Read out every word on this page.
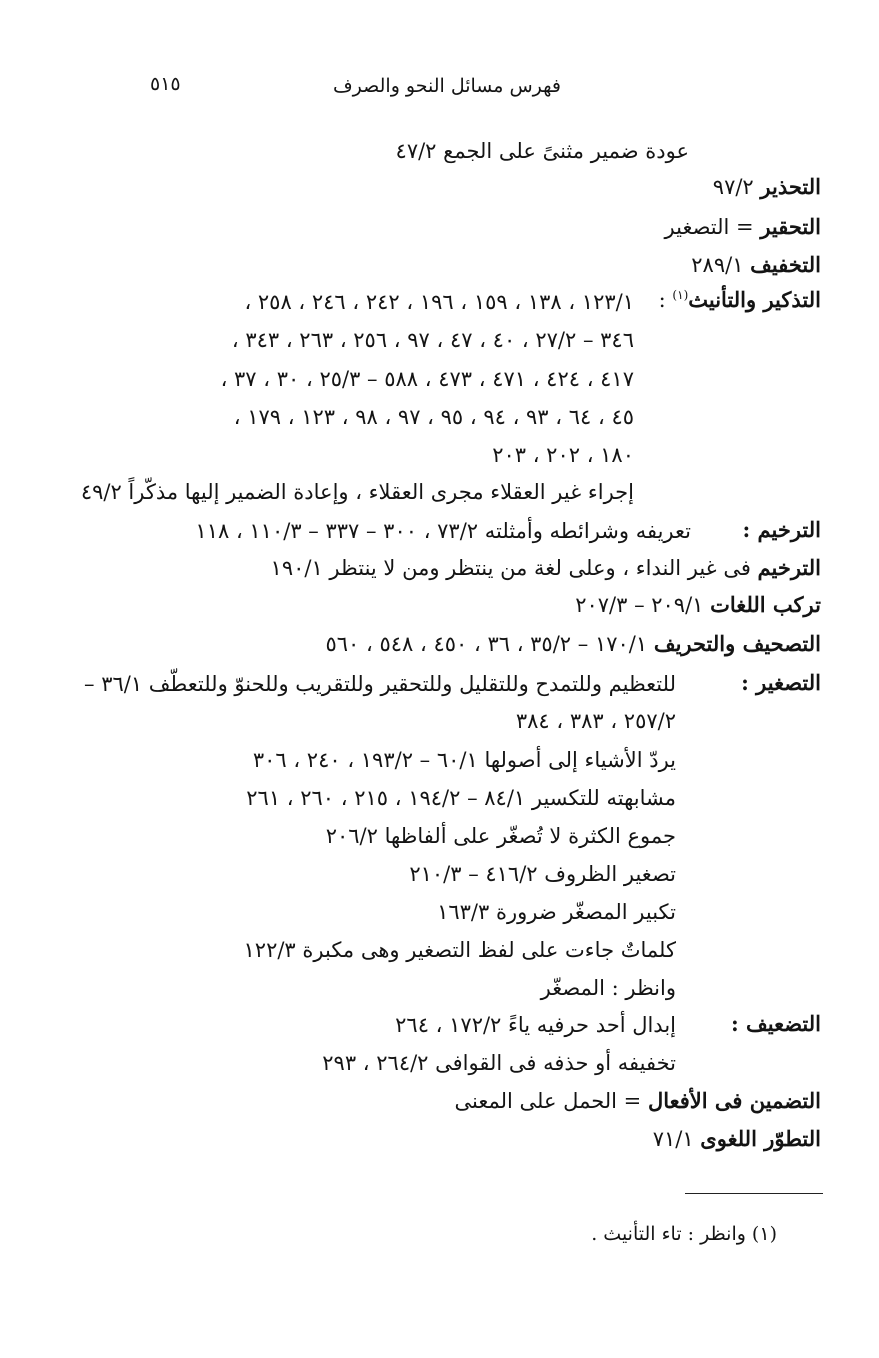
٥١٥	فهرس مسائل النحو والصرف
عودة ضمير مثنىً على الجمع ٤٧/٢
التحذير ٩٧/٢
التحقير = التصغير
التخفيف ٢٨٩/١
التذكير والتأنيث$^{(١)}$ :
١٢٣/١ ، ١٣٨ ، ١٥٩ ، ١٩٦ ، ٢٤٢ ، ٢٤٦ ، ٢٥٨ ،
٣٤٦ – ٢٧/٢ ، ٤٠ ، ٤٧ ، ٩٧ ، ٢٥٦ ، ٢٦٣ ، ٣٤٣ ،
٤١٧ ، ٤٢٤ ، ٤٧١ ، ٤٧٣ ، ٥٨٨ – ٢٥/٣ ، ٣٠ ، ٣٧ ،
٤٥ ، ٦٤ ، ٩٣ ، ٩٤ ، ٩٥ ، ٩٧ ، ٩٨ ، ١٢٣ ، ١٧٩ ،
١٨٠ ، ٢٠٢ ، ٢٠٣
إجراء غير العقلاء مجرى العقلاء ، وإعادة الضمير إليها مذكّراً ٤٩/٢
الترخيم :
تعريفه وشرائطه وأمثلته ٧٣/٢ ، ٣٠٠ – ٣٣٧ – ١١٠/٣ ، ١١٨
الترخيم فى غير النداء ، وعلى لغة من ينتظر ومن لا ينتظر ١٩٠/١
تركب اللغات ٢٠٩/١ – ٢٠٧/٣
التصحيف والتحريف ١٧٠/١ – ٣٥/٢ ، ٣٦ ، ٤٥٠ ، ٥٤٨ ، ٥٦٠
التصغير :
للتعظيم وللتمدح وللتقليل وللتحقير وللتقريب وللحنوّ وللتعطّف ٣٦/١ –
٢٥٧/٢ ، ٣٨٣ ، ٣٨٤
يردّ الأشياء إلى أصولها ٦٠/١ – ١٩٣/٢ ، ٢٤٠ ، ٣٠٦
مشابهته للتكسير ٨٤/١ – ١٩٤/٢ ، ٢١٥ ، ٢٦٠ ، ٢٦١
جموع الكثرة لا تُصغّر على ألفاظها ٢٠٦/٢
تصغير الظروف ٤١٦/٢ – ٢١٠/٣
تكبير المصغّر ضرورة ١٦٣/٣
كلماتٌ جاءت على لفظ التصغير وهى مكبرة ١٢٢/٣
وانظر : المصغّر
التضعيف :
إبدال أحد حرفيه ياءً ١٧٢/٢ ، ٢٦٤
تخفيفه أو حذفه فى القوافى ٢٦٤/٢ ، ٢٩٣
التضمين فى الأفعال = الحمل على المعنى
التطوّر اللغوى ٧١/١
(١) وانظر : تاء التأنيث .
